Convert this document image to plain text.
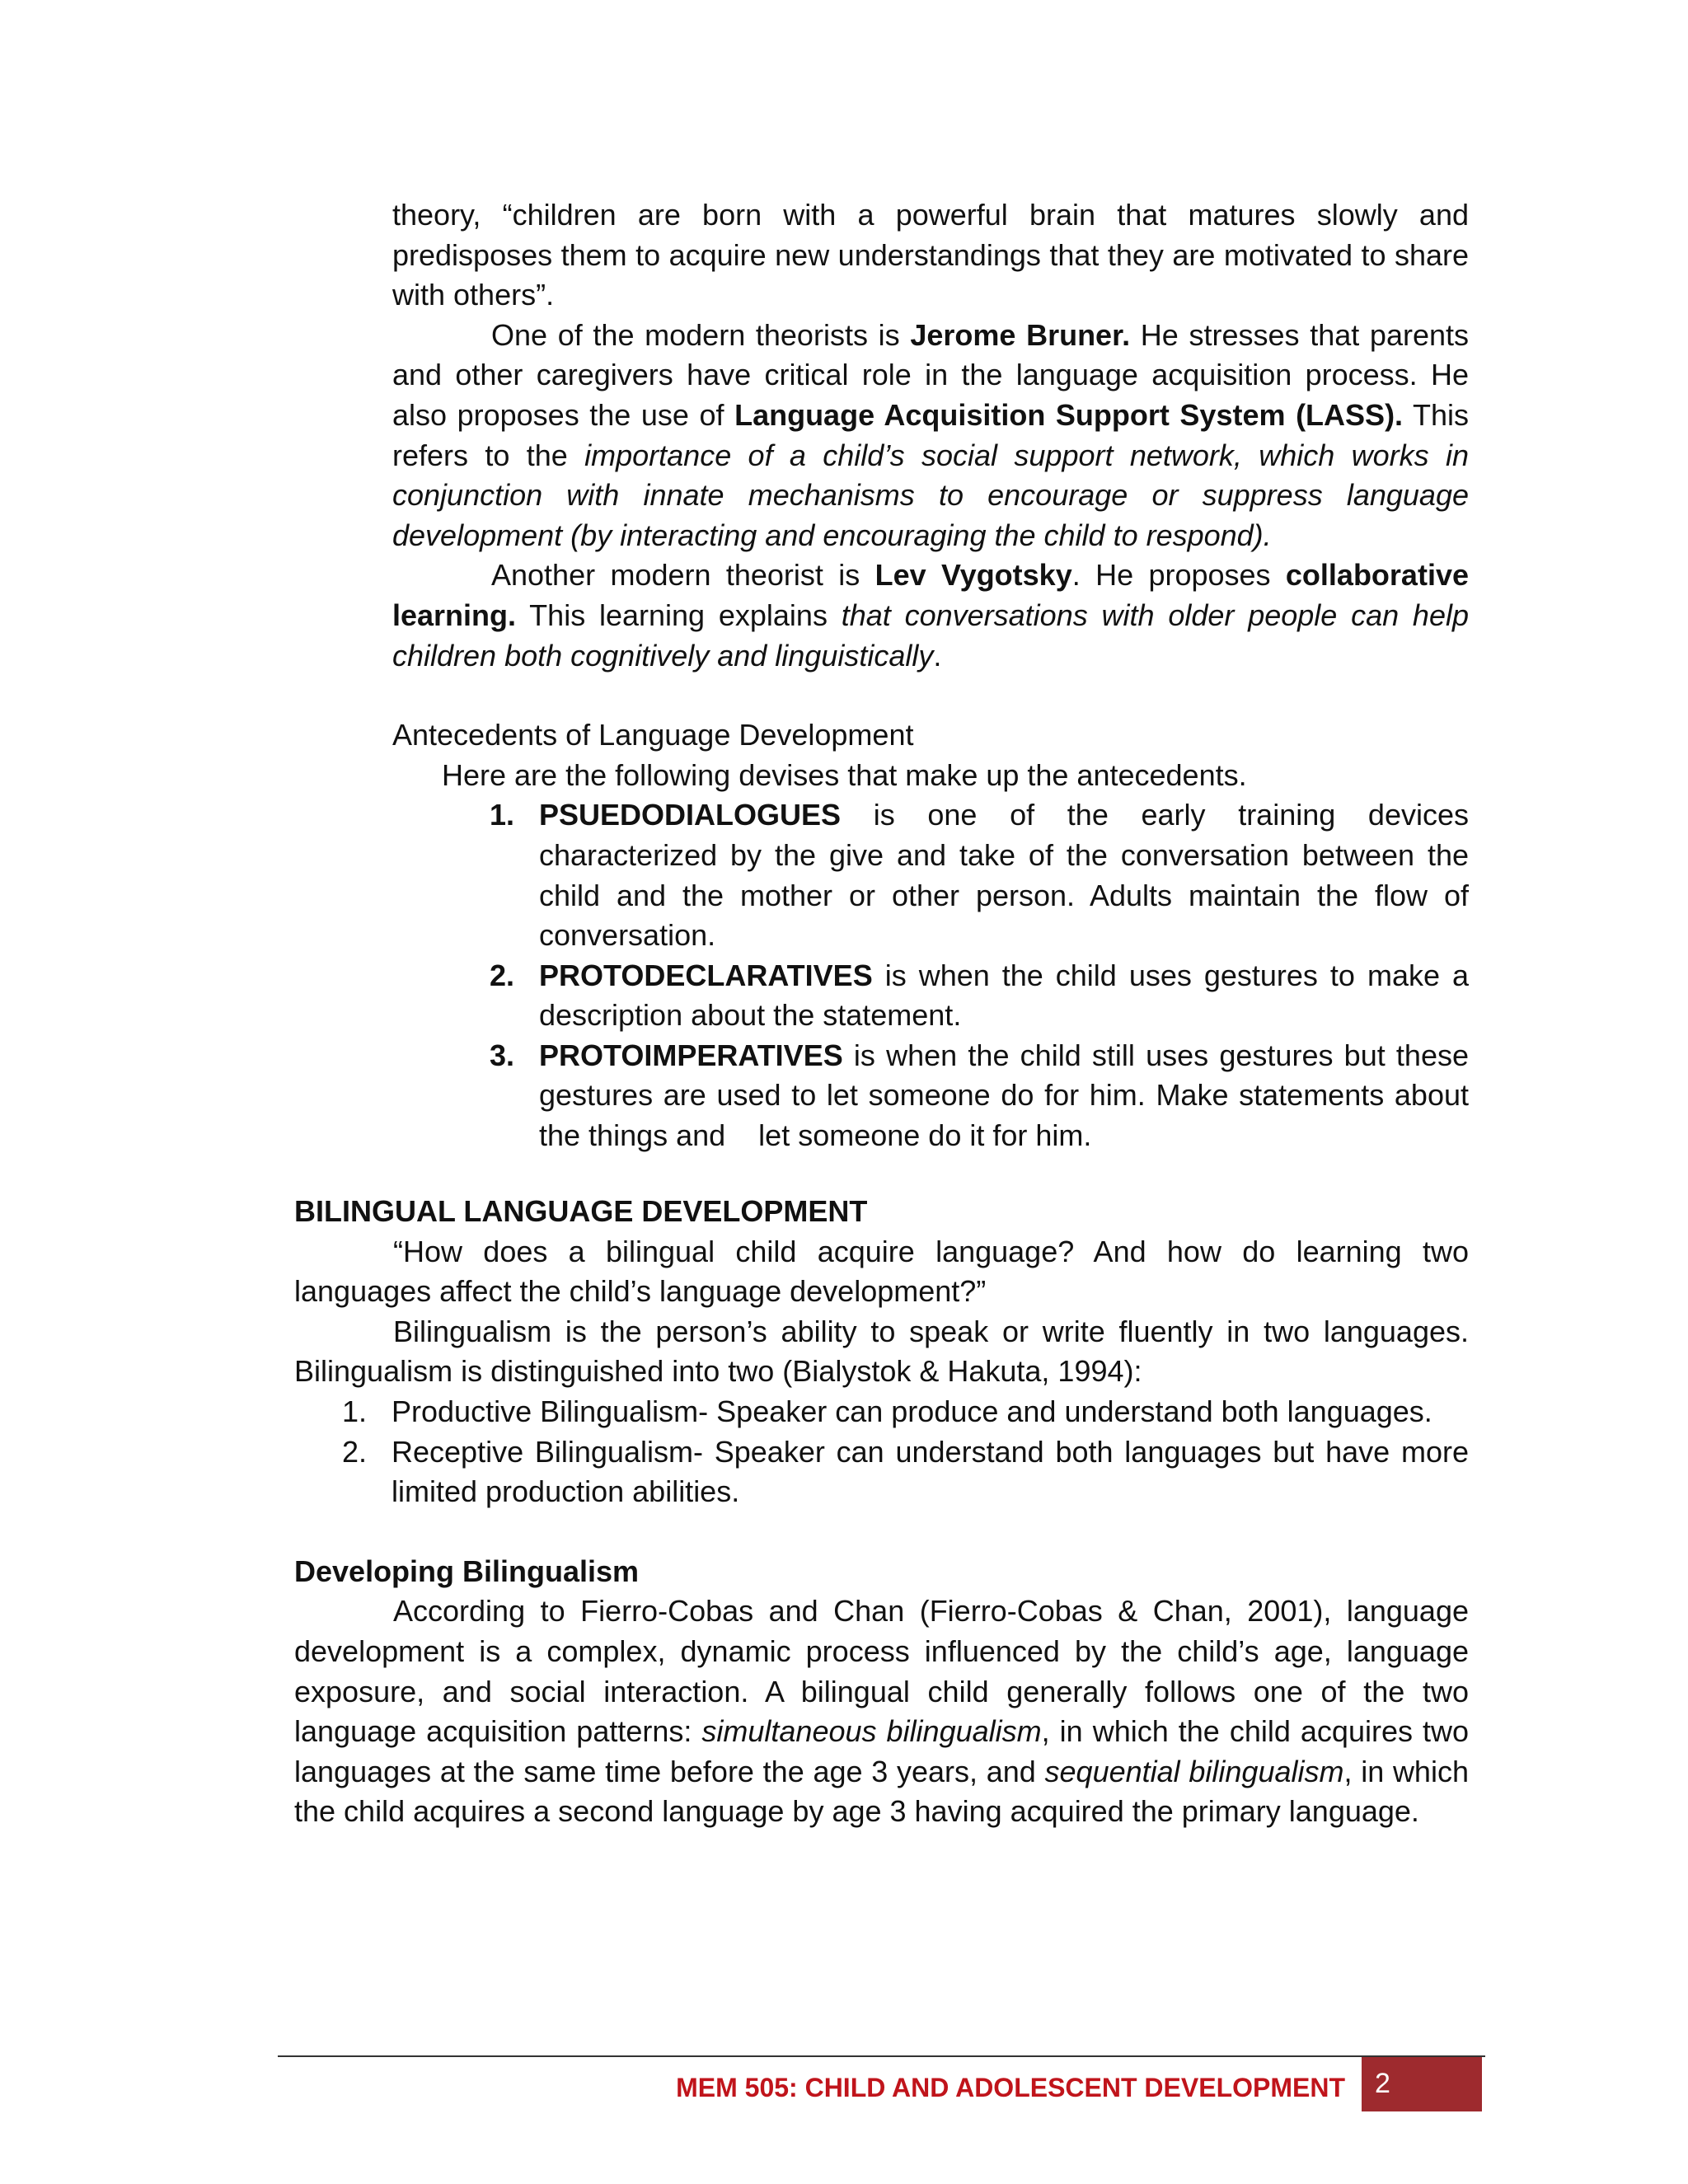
theory, “children are born with a powerful brain that matures slowly and predisposes them to acquire new understandings that they are motivated to share with others”.

One of the modern theorists is Jerome Bruner. He stresses that parents and other caregivers have critical role in the language acquisition process. He also proposes the use of Language Acquisition Support System (LASS). This refers to the importance of a child’s social support network, which works in conjunction with innate mechanisms to encourage or suppress language development (by interacting and encouraging the child to respond).

Another modern theorist is Lev Vygotsky. He proposes collaborative learning. This learning explains that conversations with older people can help children both cognitively and linguistically.

Antecedents of Language Development

Here are the following devises that make up the antecedents.

1. PSUEDODIALOGUES is one of the early training devices characterized by the give and take of the conversation between the child and the mother or other person. Adults maintain the flow of conversation.
2. PROTODECLARATIVES is when the child uses gestures to make a description about the statement.
3. PROTOIMPERATIVES is when the child still uses gestures but these gestures are used to let someone do for him. Make statements about the things and    let someone do it for him.

BILINGUAL LANGUAGE DEVELOPMENT

“How does a bilingual child acquire language? And how do learning two languages affect the child’s language development?”

Bilingualism is the person’s ability to speak or write fluently in two languages. Bilingualism is distinguished into two (Bialystok & Hakuta, 1994):

1. Productive Bilingualism- Speaker can produce and understand both languages.
2. Receptive Bilingualism- Speaker can understand both languages but have more limited production abilities.

Developing Bilingualism

According to Fierro-Cobas and Chan (Fierro-Cobas & Chan, 2001), language development is a complex, dynamic process influenced by the child’s age, language exposure, and social interaction. A bilingual child generally follows one of the two language acquisition patterns: simultaneous bilingualism, in which the child acquires two languages at the same time before the age 3 years, and sequential bilingualism, in which the child acquires a second language by age 3 having acquired the primary language.

MEM 505: CHILD AND ADOLESCENT DEVELOPMENT	2
